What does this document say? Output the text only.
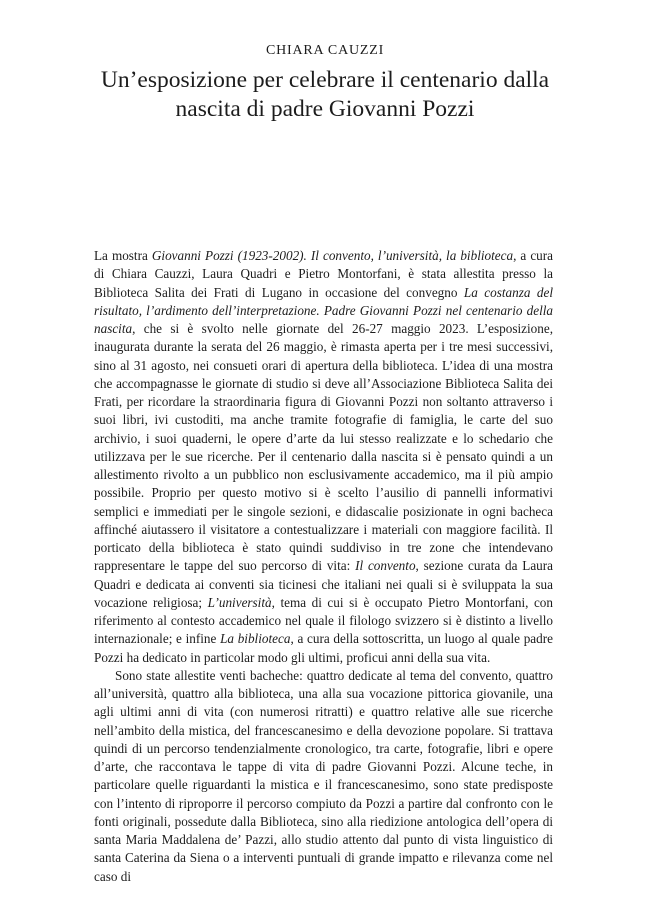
CHIARA CAUZZI
Un’esposizione per celebrare il centenario dalla nascita di padre Giovanni Pozzi

La mostra Giovanni Pozzi (1923-2002). Il convento, l’università, la biblioteca, a cura di Chiara Cauzzi, Laura Quadri e Pietro Montorfani, è stata allestita presso la Biblioteca Salita dei Frati di Lugano in occasione del convegno La costanza del risultato, l’ardimento dell’interpretazione. Padre Giovanni Pozzi nel centenario della nascita, che si è svolto nelle giornate del 26-27 maggio 2023. L’esposizione, inaugurata durante la serata del 26 maggio, è rimasta aperta per i tre mesi successivi, sino al 31 agosto, nei consueti orari di apertura della biblioteca. L’idea di una mostra che accompagnasse le giornate di studio si deve all’Associazione Biblioteca Salita dei Frati, per ricordare la straordinaria figura di Giovanni Pozzi non soltanto attraverso i suoi libri, ivi custoditi, ma anche tramite fotografie di famiglia, le carte del suo archivio, i suoi quaderni, le opere d’arte da lui stesso realizzate e lo schedario che utilizzava per le sue ricerche. Per il centenario dalla nascita si è pensato quindi a un allestimento rivolto a un pubblico non esclusivamente accademico, ma il più ampio possibile. Proprio per questo motivo si è scelto l’ausilio di pannelli informativi semplici e immediati per le singole sezioni, e didascalie posizionate in ogni bacheca affinché aiutassero il visitatore a contestualizzare i materiali con maggiore facilità. Il porticato della biblioteca è stato quindi suddiviso in tre zone che intendevano rappresentare le tappe del suo percorso di vita: Il convento, sezione curata da Laura Quadri e dedicata ai conventi sia ticinesi che italiani nei quali si è sviluppata la sua vocazione religiosa; L’università, tema di cui si è occupato Pietro Montorfani, con riferimento al contesto accademico nel quale il filologo svizzero si è distinto a livello internazionale; e infine La biblioteca, a cura della sottoscritta, un luogo al quale padre Pozzi ha dedicato in particolar modo gli ultimi, proficui anni della sua vita.

Sono state allestite venti bacheche: quattro dedicate al tema del convento, quattro all’università, quattro alla biblioteca, una alla sua vocazione pittorica giovanile, una agli ultimi anni di vita (con numerosi ritratti) e quattro relative alle sue ricerche nell’ambito della mistica, del francescanesimo e della devozione popolare. Si trattava quindi di un percorso tendenzialmente cronologico, tra carte, fotografie, libri e opere d’arte, che raccontava le tappe di vita di padre Giovanni Pozzi. Alcune teche, in particolare quelle riguardanti la mistica e il francescanesimo, sono state predisposte con l’intento di riproporre il percorso compiuto da Pozzi a partire dal confronto con le fonti originali, possedute dalla Biblioteca, sino alla riedizione antologica dell’opera di santa Maria Maddalena de’ Pazzi, allo studio attento dal punto di vista linguistico di santa Caterina da Siena o a interventi puntuali di grande impatto e rilevanza come nel caso di
